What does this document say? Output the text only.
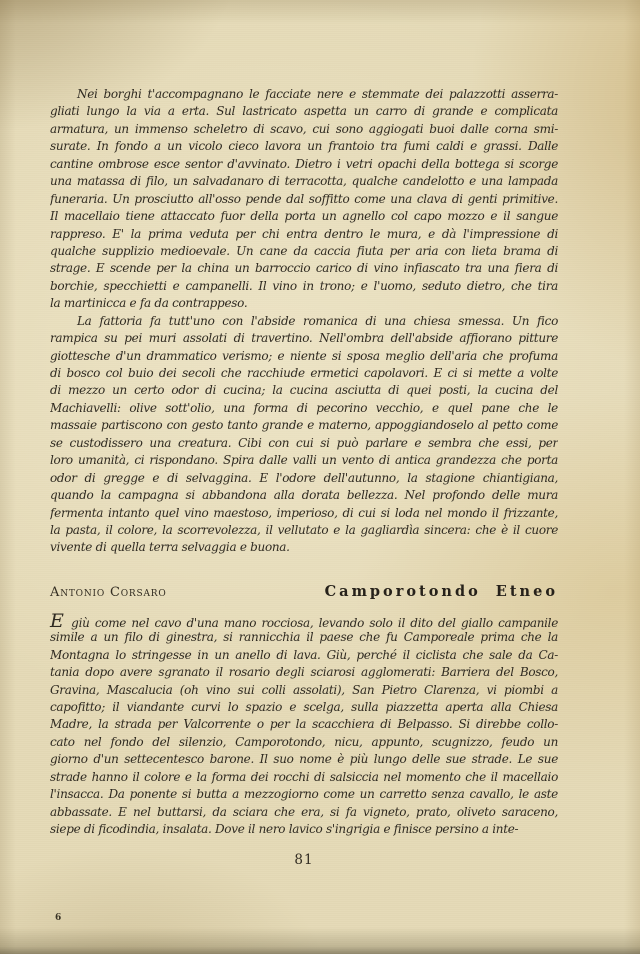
Nei borghi t'accompagnano le facciate nere e stemmate dei palazzotti asserra-
gliati lungo la via a erta. Sul lastricato aspetta un carro di grande e complicata
armatura, un immenso scheletro di scavo, cui sono aggiogati buoi dalle corna smi-
surate. In fondo a un vicolo cieco lavora un frantoio tra fumi caldi e grassi. Dalle
cantine ombrose esce sentor d'avvinato. Dietro i vetri opachi della bottega si scorge
una matassa di filo, un salvadanaro di terracotta, qualche candelotto e una lampada
funeraria. Un prosciutto all'osso pende dal soffitto come una clava di genti primitive.
Il macellaio tiene attaccato fuor della porta un agnello col capo mozzo e il sangue
rappreso. E' la prima veduta per chi entra dentro le mura, e dà l'impressione di
qualche supplizio medioevale. Un cane da caccia fiuta per aria con lieta brama di
strage. E scende per la china un barroccio carico di vino infiascato tra una fiera di
borchie, specchietti e campanelli. Il vino in trono; e l'uomo, seduto dietro, che tira
la martinicca e fa da contrappeso.
La fattoria fa tutt'uno con l'abside romanica di una chiesa smessa. Un fico
rampica su pei muri assolati di travertino. Nell'ombra dell'abside affiorano pitture
giottesche d'un drammatico verismo; e niente si sposa meglio dell'aria che profuma
di bosco col buio dei secoli che racchiude ermetici capolavori. E ci si mette a volte
di mezzo un certo odor di cucina; la cucina asciutta di quei posti, la cucina del
Machiavelli: olive sott'olio, una forma di pecorino vecchio, e quel pane che le
massaie partiscono con gesto tanto grande e materno, appoggiandoselo al petto come
se custodissero una creatura. Cibi con cui si può parlare e sembra che essi, per
loro umanità, ci rispondano. Spira dalle valli un vento di antica grandezza che porta
odor di gregge e di selvaggina. E l'odore dell'autunno, la stagione chiantigiana,
quando la campagna si abbandona alla dorata bellezza. Nel profondo delle mura
fermenta intanto quel vino maestoso, imperioso, di cui si loda nel mondo il frizzante,
la pasta, il colore, la scorrevolezza, il vellutato e la gagliardìa sincera: che è il cuore
vivente di quella terra selvaggia e buona.
Antonio Corsaro	Camporotondo Etneo
E giù come nel cavo d'una mano rocciosa, levando solo il dito del giallo campanile
simile a un filo di ginestra, si rannicchia il paese che fu Camporeale prima che la
Montagna lo stringesse in un anello di lava. Giù, perché il ciclista che sale da Ca-
tania dopo avere sgranato il rosario degli sciarosi agglomerati: Barriera del Bosco,
Gravina, Mascalucia (oh vino sui colli assolati), San Pietro Clarenza, vi piombi a
capofitto; il viandante curvi lo spazio e scelga, sulla piazzetta aperta alla Chiesa
Madre, la strada per Valcorrente o per la scacchiera di Belpasso. Si direbbe collo-
cato nel fondo del silenzio, Camporotondo, nicu, appunto, scugnizzo, feudo un
giorno d'un settecentesco barone. Il suo nome è più lungo delle sue strade. Le sue
strade hanno il colore e la forma dei rocchi di salsiccia nel momento che il macellaio
l'insacca. Da ponente si butta a mezzogiorno come un carretto senza cavallo, le aste
abbassate. E nel buttarsi, da sciara che era, si fa vigneto, prato, oliveto saraceno,
siepe di ficodindia, insalata. Dove il nero lavico s'ingrigia e finisce persino a inte-
81
6
